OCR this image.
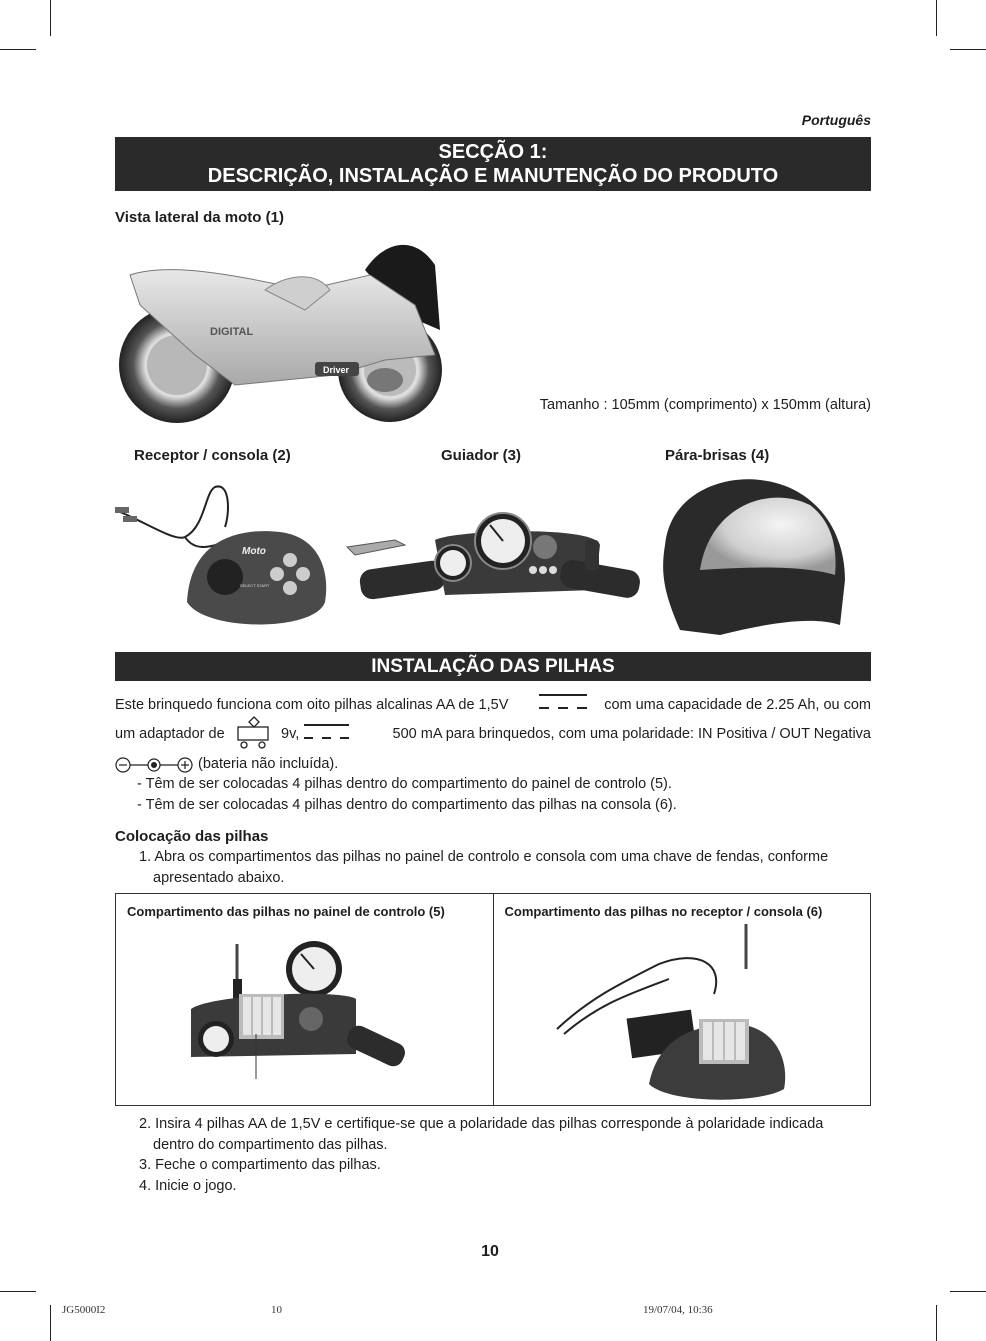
Português
SECÇÃO 1:
DESCRIÇÃO, INSTALAÇÃO E MANUTENÇÃO DO PRODUTO
Vista lateral da moto (1)
Driver
DIGITAL
Tamanho : 105mm (comprimento) x 150mm (altura)
Receptor / consola (2)	Guiador (3)	Pára-brisas (4)
Moto
SELECT START
INSTALAÇÃO DAS PILHAS
Este brinquedo funciona com oito pilhas alcalinas AA de 1,5V	com uma capacidade de 2.25 Ah, ou com
um adaptador de	9v,	500 mA para brinquedos, com uma polaridade: IN Positiva / OUT Negativa
(bateria não incluída).
- Têm de ser colocadas 4 pilhas dentro do compartimento do painel de controlo (5).
- Têm de ser colocadas 4 pilhas dentro do compartimento das pilhas na consola (6).
Colocação das pilhas
1. Abra os compartimentos das pilhas no painel de controlo e consola com uma chave de fendas, conforme
apresentado abaixo.
Compartimento das pilhas no painel de controlo (5)	Compartimento das pilhas no receptor / consola (6)
2. Insira 4 pilhas AA de 1,5V e certifique-se que a polaridade das pilhas corresponde à polaridade indicada
dentro do compartimento das pilhas.
3. Feche o compartimento das pilhas.
4. Inicie o jogo.
10
JG5000I2	10	19/07/04, 10:36
